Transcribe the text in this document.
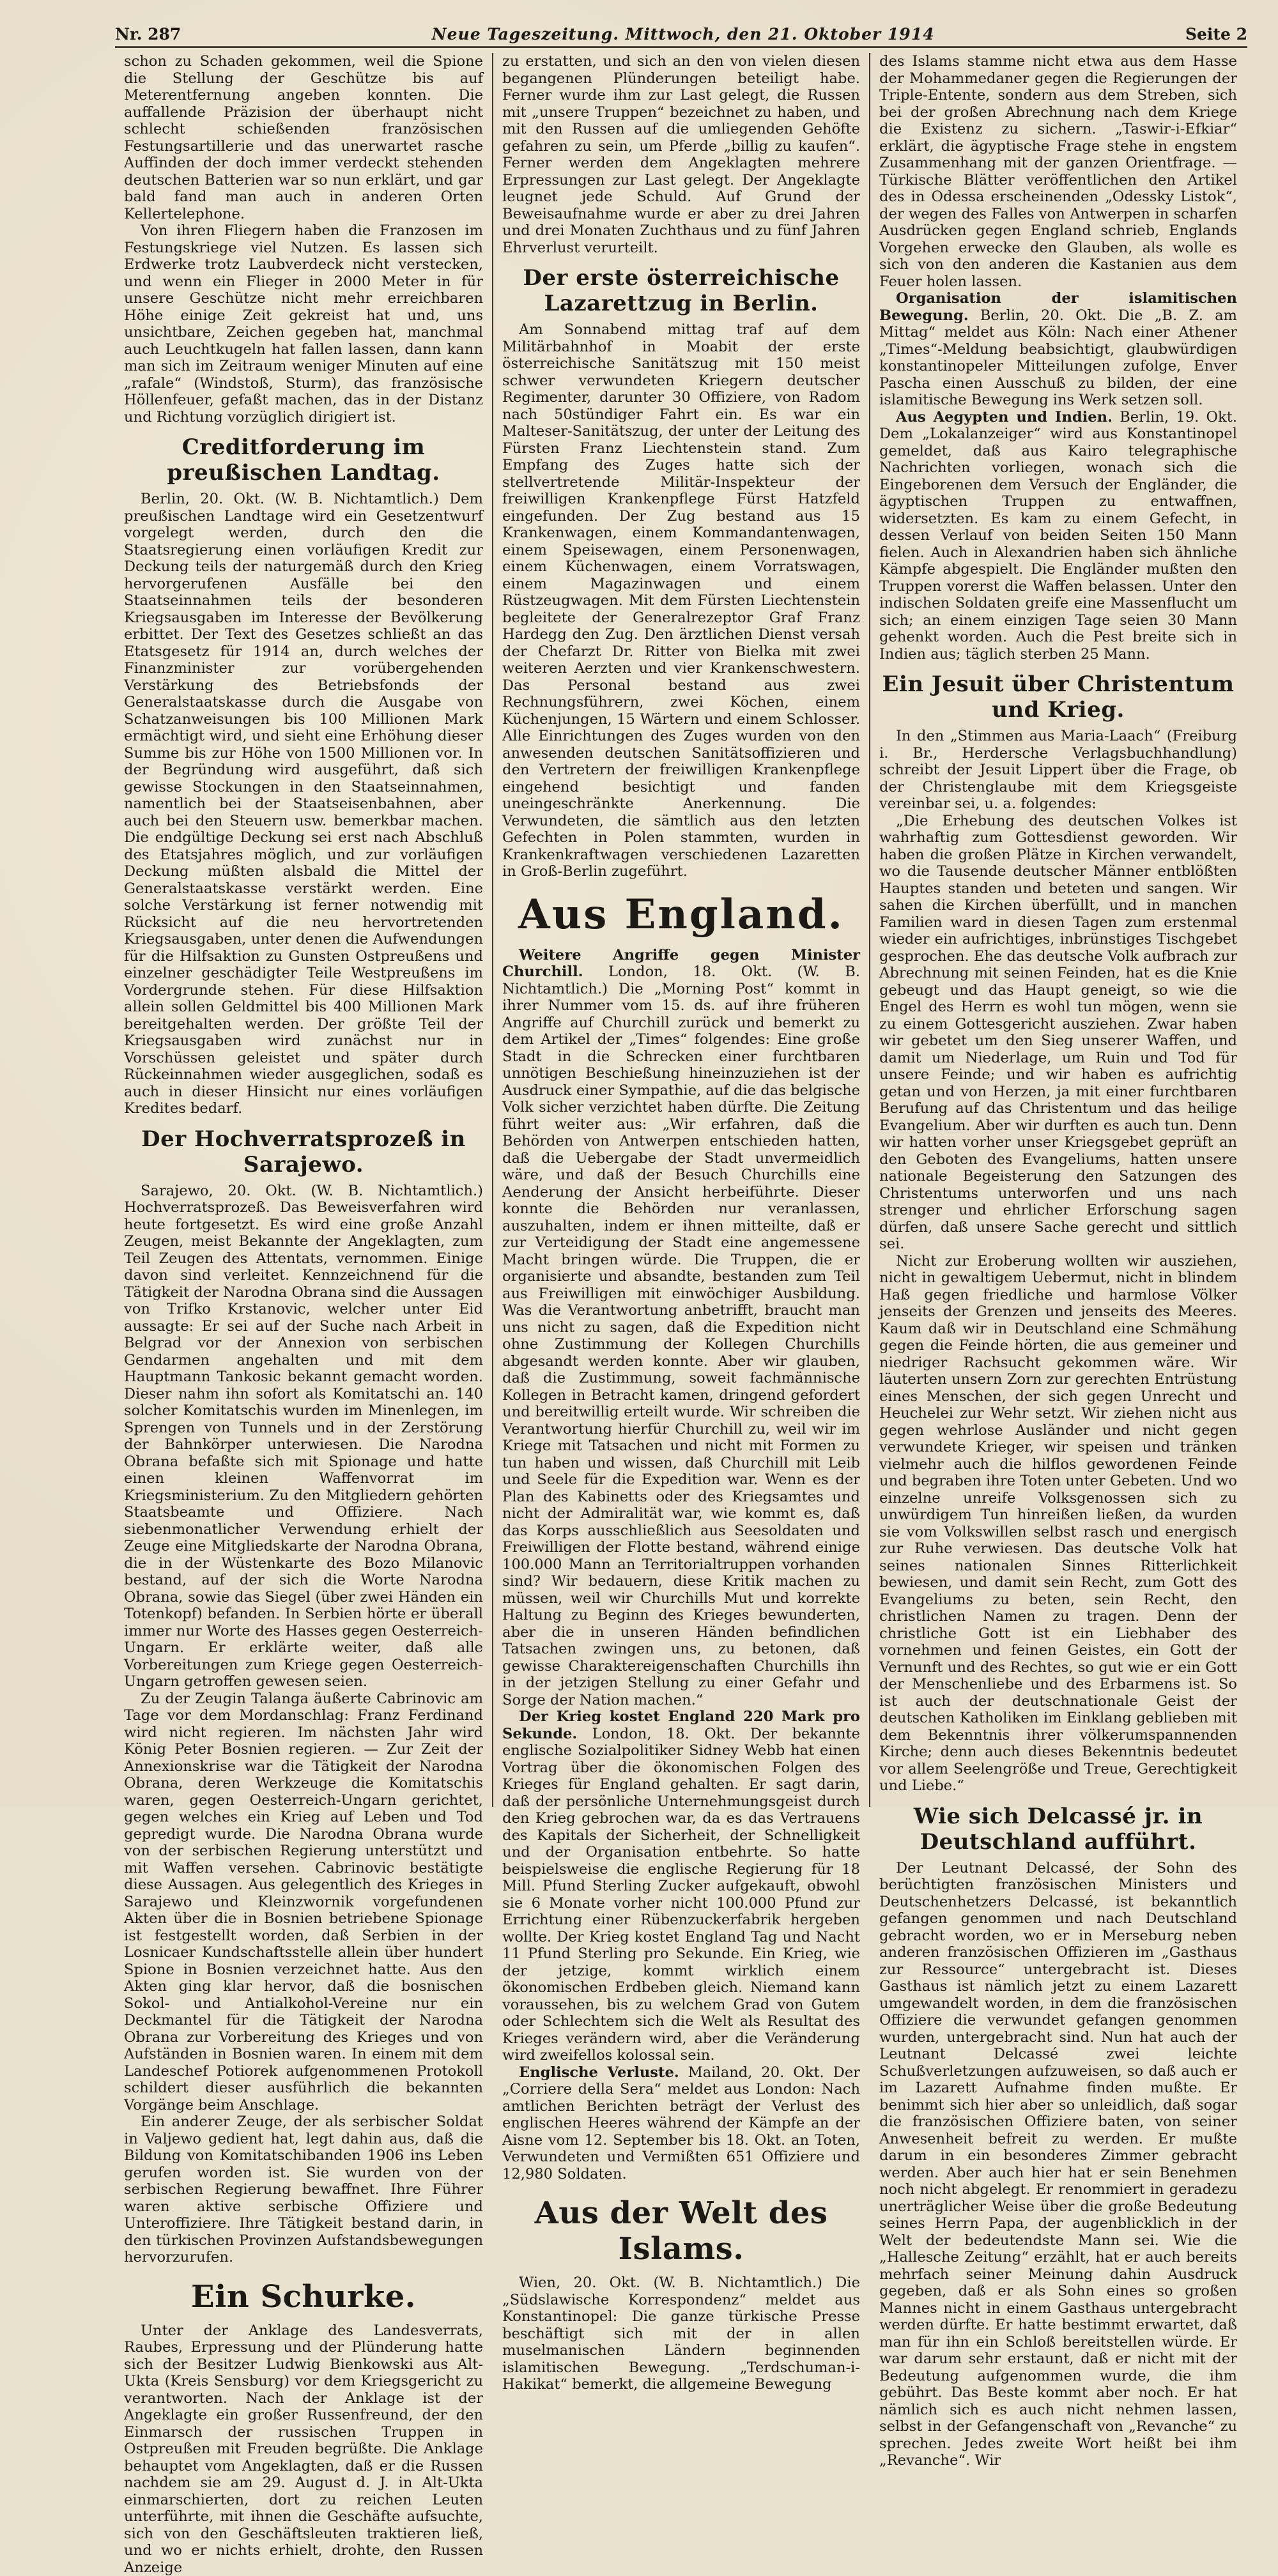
Nr. 287	Neue Tageszeitung. Mittwoch, den 21. Oktober 1914	Seite 2

schon zu Schaden gekommen, weil die Spione die Stellung der Geschütze bis auf Meterentfernung angeben konnten. Die auffallende Präzision der überhaupt nicht schlecht schießenden französischen Festungsartillerie und das unerwartet rasche Auffinden der doch immer verdeckt stehenden deutschen Batterien war so nun erklärt, und gar bald fand man auch in anderen Orten Kellertelephone.

Von ihren Fliegern haben die Franzosen im Festungskriege viel Nutzen. Es lassen sich Erdwerke trotz Laubverdeck nicht verstecken, und wenn ein Flieger in 2000 Meter in für unsere Geschütze nicht mehr erreichbaren Höhe einige Zeit gekreist hat und, uns unsichtbare, Zeichen gegeben hat, manchmal auch Leuchtkugeln hat fallen lassen, dann kann man sich im Zeitraum weniger Minuten auf eine „rafale“ (Windstoß, Sturm), das französische Höllenfeuer, gefaßt machen, das in der Distanz und Richtung vorzüglich dirigiert ist.

Creditforderung im preußischen Landtag.

Berlin, 20. Okt. (W. B. Nichtamtlich.) Dem preußischen Landtage wird ein Gesetzentwurf vorgelegt werden, durch den die Staatsregierung einen vorläufigen Kredit zur Deckung teils der naturgemäß durch den Krieg hervorgerufenen Ausfälle bei den Staatseinnahmen teils der besonderen Kriegsausgaben im Interesse der Bevölkerung erbittet. Der Text des Gesetzes schließt an das Etatsgesetz für 1914 an, durch welches der Finanzminister zur vorübergehenden Verstärkung des Betriebsfonds der Generalstaatskasse durch die Ausgabe von Schatzanweisungen bis 100 Millionen Mark ermächtigt wird, und sieht eine Erhöhung dieser Summe bis zur Höhe von 1500 Millionen vor. In der Begründung wird ausgeführt, daß sich gewisse Stockungen in den Staatseinnahmen, namentlich bei der Staatseisenbahnen, aber auch bei den Steuern usw. bemerkbar machen. Die endgültige Deckung sei erst nach Abschluß des Etatsjahres möglich, und zur vorläufigen Deckung müßten alsbald die Mittel der Generalstaatskasse verstärkt werden. Eine solche Verstärkung ist ferner notwendig mit Rücksicht auf die neu hervortretenden Kriegsausgaben, unter denen die Aufwendungen für die Hilfsaktion zu Gunsten Ostpreußens und einzelner geschädigter Teile Westpreußens im Vordergrunde stehen. Für diese Hilfsaktion allein sollen Geldmittel bis 400 Millionen Mark bereitgehalten werden. Der größte Teil der Kriegsausgaben wird zunächst nur in Vorschüssen geleistet und später durch Rückeinnahmen wieder ausgeglichen, sodaß es auch in dieser Hinsicht nur eines vorläufigen Kredites bedarf.

Der Hochverratsprozeß in Sarajewo.

Sarajewo, 20. Okt. (W. B. Nichtamtlich.) Hochverratsprozeß. Das Beweisverfahren wird heute fortgesetzt. Es wird eine große Anzahl Zeugen, meist Bekannte der Angeklagten, zum Teil Zeugen des Attentats, vernommen. Einige davon sind verleitet. Kennzeichnend für die Tätigkeit der Narodna Obrana sind die Aussagen von Trifko Krstanovic, welcher unter Eid aussagte: Er sei auf der Suche nach Arbeit in Belgrad vor der Annexion von serbischen Gendarmen angehalten und mit dem Hauptmann Tankosic bekannt gemacht worden. Dieser nahm ihn sofort als Komitatschi an. 140 solcher Komitatschis wurden im Minenlegen, im Sprengen von Tunnels und in der Zerstörung der Bahnkörper unterwiesen. Die Narodna Obrana befaßte sich mit Spionage und hatte einen kleinen Waffenvorrat im Kriegsministerium. Zu den Mitgliedern gehörten Staatsbeamte und Offiziere. Nach siebenmonatlicher Verwendung erhielt der Zeuge eine Mitgliedskarte der Narodna Obrana, die in der Wüstenkarte des Bozo Milanovic bestand, auf der sich die Worte Narodna Obrana, sowie das Siegel (über zwei Händen ein Totenkopf) befanden. In Serbien hörte er überall immer nur Worte des Hasses gegen Oesterreich-Ungarn. Er erklärte weiter, daß alle Vorbereitungen zum Kriege gegen Oesterreich-Ungarn getroffen gewesen seien.

Zu der Zeugin Talanga äußerte Cabrinovic am Tage vor dem Mordanschlag: Franz Ferdinand wird nicht regieren. Im nächsten Jahr wird König Peter Bosnien regieren. — Zur Zeit der Annexionskrise war die Tätigkeit der Narodna Obrana, deren Werkzeuge die Komitatschis waren, gegen Oesterreich-Ungarn gerichtet, gegen welches ein Krieg auf Leben und Tod gepredigt wurde. Die Narodna Obrana wurde von der serbischen Regierung unterstützt und mit Waffen versehen. Cabrinovic bestätigte diese Aussagen. Aus gelegentlich des Krieges in Sarajewo und Kleinzwornik vorgefundenen Akten über die in Bosnien betriebene Spionage ist festgestellt worden, daß Serbien in der Losnicaer Kundschaftsstelle allein über hundert Spione in Bosnien verzeichnet hatte. Aus den Akten ging klar hervor, daß die bosnischen Sokol- und Antialkohol-Vereine nur ein Deckmantel für die Tätigkeit der Narodna Obrana zur Vorbereitung des Krieges und von Aufständen in Bosnien waren. In einem mit dem Landeschef Potiorek aufgenommenen Protokoll schildert dieser ausführlich die bekannten Vorgänge beim Anschlage.

Ein anderer Zeuge, der als serbischer Soldat in Valjewo gedient hat, legt dahin aus, daß die Bildung von Komitatschibanden 1906 ins Leben gerufen worden ist. Sie wurden von der serbischen Regierung bewaffnet. Ihre Führer waren aktive serbische Offiziere und Unteroffiziere. Ihre Tätigkeit bestand darin, in den türkischen Provinzen Aufstandsbewegungen hervorzurufen.

Ein Schurke.

Unter der Anklage des Landesverrats, Raubes, Erpressung und der Plünderung hatte sich der Besitzer Ludwig Bienkowski aus Alt-Ukta (Kreis Sensburg) vor dem Kriegsgericht zu verantworten. Nach der Anklage ist der Angeklagte ein großer Russenfreund, der den Einmarsch der russischen Truppen in Ostpreußen mit Freuden begrüßte. Die Anklage behauptet vom Angeklagten, daß er die Russen nachdem sie am 29. August d. J. in Alt-Ukta einmarschierten, dort zu reichen Leuten unterführte, mit ihnen die Geschäfte aufsuchte, sich von den Geschäftsleuten traktieren ließ, und wo er nichts erhielt, drohte, den Russen Anzeige

zu erstatten, und sich an den von vielen diesen begangenen Plünderungen beteiligt habe. Ferner wurde ihm zur Last gelegt, die Russen mit „unsere Truppen“ bezeichnet zu haben, und mit den Russen auf die umliegenden Gehöfte gefahren zu sein, um Pferde „billig zu kaufen“. Ferner werden dem Angeklagten mehrere Erpressungen zur Last gelegt. Der Angeklagte leugnet jede Schuld. Auf Grund der Beweisaufnahme wurde er aber zu drei Jahren und drei Monaten Zuchthaus und zu fünf Jahren Ehrverlust verurteilt.

Der erste österreichische Lazarettzug in Berlin.

Am Sonnabend mittag traf auf dem Militärbahnhof in Moabit der erste österreichische Sanitätszug mit 150 meist schwer verwundeten Kriegern deutscher Regimenter, darunter 30 Offiziere, von Radom nach 50stündiger Fahrt ein. Es war ein Malteser-Sanitätszug, der unter der Leitung des Fürsten Franz Liechtenstein stand. Zum Empfang des Zuges hatte sich der stellvertretende Militär-Inspekteur der freiwilligen Krankenpflege Fürst Hatzfeld eingefunden. Der Zug bestand aus 15 Krankenwagen, einem Kommandantenwagen, einem Speisewagen, einem Personenwagen, einem Küchenwagen, einem Vorratswagen, einem Magazinwagen und einem Rüstzeugwagen. Mit dem Fürsten Liechtenstein begleitete der Generalrezeptor Graf Franz Hardegg den Zug. Den ärztlichen Dienst versah der Chefarzt Dr. Ritter von Bielka mit zwei weiteren Aerzten und vier Krankenschwestern. Das Personal bestand aus zwei Rechnungsführern, zwei Köchen, einem Küchenjungen, 15 Wärtern und einem Schlosser. Alle Einrichtungen des Zuges wurden von den anwesenden deutschen Sanitätsoffizieren und den Vertretern der freiwilligen Krankenpflege eingehend besichtigt und fanden uneingeschränkte Anerkennung. Die Verwundeten, die sämtlich aus den letzten Gefechten in Polen stammten, wurden in Krankenkraftwagen verschiedenen Lazaretten in Groß-Berlin zugeführt.

Aus England.

Weitere Angriffe gegen Minister Churchill. London, 18. Okt. (W. B. Nichtamtlich.) Die „Morning Post“ kommt in ihrer Nummer vom 15. ds. auf ihre früheren Angriffe auf Churchill zurück und bemerkt zu dem Artikel der „Times“ folgendes: Eine große Stadt in die Schrecken einer furchtbaren unnötigen Beschießung hineinzuziehen ist der Ausdruck einer Sympathie, auf die das belgische Volk sicher verzichtet haben dürfte. Die Zeitung führt weiter aus: „Wir erfahren, daß die Behörden von Antwerpen entschieden hatten, daß die Uebergabe der Stadt unvermeidlich wäre, und daß der Besuch Churchills eine Aenderung der Ansicht herbeiführte. Dieser konnte die Behörden nur veranlassen, auszuhalten, indem er ihnen mitteilte, daß er zur Verteidigung der Stadt eine angemessene Macht bringen würde. Die Truppen, die er organisierte und absandte, bestanden zum Teil aus Freiwilligen mit einwöchiger Ausbildung. Was die Verantwortung anbetrifft, braucht man uns nicht zu sagen, daß die Expedition nicht ohne Zustimmung der Kollegen Churchills abgesandt werden konnte. Aber wir glauben, daß die Zustimmung, soweit fachmännische Kollegen in Betracht kamen, dringend gefordert und bereitwillig erteilt wurde. Wir schreiben die Verantwortung hierfür Churchill zu, weil wir im Kriege mit Tatsachen und nicht mit Formen zu tun haben und wissen, daß Churchill mit Leib und Seele für die Expedition war. Wenn es der Plan des Kabinetts oder des Kriegsamtes und nicht der Admiralität war, wie kommt es, daß das Korps ausschließlich aus Seesoldaten und Freiwilligen der Flotte bestand, während einige 100.000 Mann an Territorialtruppen vorhanden sind? Wir bedauern, diese Kritik machen zu müssen, weil wir Churchills Mut und korrekte Haltung zu Beginn des Krieges bewunderten, aber die in unseren Händen befindlichen Tatsachen zwingen uns, zu betonen, daß gewisse Charaktereigenschaften Churchills ihn in der jetzigen Stellung zu einer Gefahr und Sorge der Nation machen.“

Der Krieg kostet England 220 Mark pro Sekunde. London, 18. Okt. Der bekannte englische Sozialpolitiker Sidney Webb hat einen Vortrag über die ökonomischen Folgen des Krieges für England gehalten. Er sagt darin, daß der persönliche Unternehmungsgeist durch den Krieg gebrochen war, da es das Vertrauens des Kapitals der Sicherheit, der Schnelligkeit und der Organisation entbehrte. So hatte beispielsweise die englische Regierung für 18 Mill. Pfund Sterling Zucker aufgekauft, obwohl sie 6 Monate vorher nicht 100.000 Pfund zur Errichtung einer Rübenzuckerfabrik hergeben wollte. Der Krieg kostet England Tag und Nacht 11 Pfund Sterling pro Sekunde. Ein Krieg, wie der jetzige, kommt wirklich einem ökonomischen Erdbeben gleich. Niemand kann voraussehen, bis zu welchem Grad von Gutem oder Schlechtem sich die Welt als Resultat des Krieges verändern wird, aber die Veränderung wird zweifellos kolossal sein.

Englische Verluste. Mailand, 20. Okt. Der „Corriere della Sera“ meldet aus London: Nach amtlichen Berichten beträgt der Verlust des englischen Heeres während der Kämpfe an der Aisne vom 12. September bis 18. Okt. an Toten, Verwundeten und Vermißten 651 Offiziere und 12,980 Soldaten.

Aus der Welt des Islams.

Wien, 20. Okt. (W. B. Nichtamtlich.) Die „Südslawische Korrespondenz“ meldet aus Konstantinopel: Die ganze türkische Presse beschäftigt sich mit der in allen muselmanischen Ländern beginnenden islamitischen Bewegung. „Terdschuman-i-Hakikat“ bemerkt, die allgemeine Bewegung

des Islams stamme nicht etwa aus dem Hasse der Mohammedaner gegen die Regierungen der Triple-Entente, sondern aus dem Streben, sich bei der großen Abrechnung nach dem Kriege die Existenz zu sichern. „Taswir-i-Efkiar“ erklärt, die ägyptische Frage stehe in engstem Zusammenhang mit der ganzen Orientfrage. — Türkische Blätter veröffentlichen den Artikel des in Odessa erscheinenden „Odessky Listok“, der wegen des Falles von Antwerpen in scharfen Ausdrücken gegen England schrieb, Englands Vorgehen erwecke den Glauben, als wolle es sich von den anderen die Kastanien aus dem Feuer holen lassen.

Organisation der islamitischen Bewegung. Berlin, 20. Okt. Die „B. Z. am Mittag“ meldet aus Köln: Nach einer Athener „Times“-Meldung beabsichtigt, glaubwürdigen konstantinopeler Mitteilungen zufolge, Enver Pascha einen Ausschuß zu bilden, der eine islamitische Bewegung ins Werk setzen soll.

Aus Aegypten und Indien. Berlin, 19. Okt. Dem „Lokalanzeiger“ wird aus Konstantinopel gemeldet, daß aus Kairo telegraphische Nachrichten vorliegen, wonach sich die Eingeborenen dem Versuch der Engländer, die ägyptischen Truppen zu entwaffnen, widersetzten. Es kam zu einem Gefecht, in dessen Verlauf von beiden Seiten 150 Mann fielen. Auch in Alexandrien haben sich ähnliche Kämpfe abgespielt. Die Engländer mußten den Truppen vorerst die Waffen belassen. Unter den indischen Soldaten greife eine Massenflucht um sich; an einem einzigen Tage seien 30 Mann gehenkt worden. Auch die Pest breite sich in Indien aus; täglich sterben 25 Mann.

Ein Jesuit über Christentum und Krieg.

In den „Stimmen aus Maria-Laach“ (Freiburg i. Br., Herdersche Verlagsbuchhandlung) schreibt der Jesuit Lippert über die Frage, ob der Christenglaube mit dem Kriegsgeiste vereinbar sei, u. a. folgendes:

„Die Erhebung des deutschen Volkes ist wahrhaftig zum Gottesdienst geworden. Wir haben die großen Plätze in Kirchen verwandelt, wo die Tausende deutscher Männer entblößten Hauptes standen und beteten und sangen. Wir sahen die Kirchen überfüllt, und in manchen Familien ward in diesen Tagen zum erstenmal wieder ein aufrichtiges, inbrünstiges Tischgebet gesprochen. Ehe das deutsche Volk aufbrach zur Abrechnung mit seinen Feinden, hat es die Knie gebeugt und das Haupt geneigt, so wie die Engel des Herrn es wohl tun mögen, wenn sie zu einem Gottesgericht ausziehen. Zwar haben wir gebetet um den Sieg unserer Waffen, und damit um Niederlage, um Ruin und Tod für unsere Feinde; und wir haben es aufrichtig getan und von Herzen, ja mit einer furchtbaren Berufung auf das Christentum und das heilige Evangelium. Aber wir durften es auch tun. Denn wir hatten vorher unser Kriegsgebet geprüft an den Geboten des Evangeliums, hatten unsere nationale Begeisterung den Satzungen des Christentums unterworfen und uns nach strenger und ehrlicher Erforschung sagen dürfen, daß unsere Sache gerecht und sittlich sei.

Nicht zur Eroberung wollten wir ausziehen, nicht in gewaltigem Uebermut, nicht in blindem Haß gegen friedliche und harmlose Völker jenseits der Grenzen und jenseits des Meeres. Kaum daß wir in Deutschland eine Schmähung gegen die Feinde hörten, die aus gemeiner und niedriger Rachsucht gekommen wäre. Wir läuterten unsern Zorn zur gerechten Entrüstung eines Menschen, der sich gegen Unrecht und Heuchelei zur Wehr setzt. Wir ziehen nicht aus gegen wehrlose Ausländer und nicht gegen verwundete Krieger, wir speisen und tränken vielmehr auch die hilflos gewordenen Feinde und begraben ihre Toten unter Gebeten. Und wo einzelne unreife Volksgenossen sich zu unwürdigem Tun hinreißen ließen, da wurden sie vom Volkswillen selbst rasch und energisch zur Ruhe verwiesen. Das deutsche Volk hat seines nationalen Sinnes Ritterlichkeit bewiesen, und damit sein Recht, zum Gott des Evangeliums zu beten, sein Recht, den christlichen Namen zu tragen. Denn der christliche Gott ist ein Liebhaber des vornehmen und feinen Geistes, ein Gott der Vernunft und des Rechtes, so gut wie er ein Gott der Menschenliebe und des Erbarmens ist. So ist auch der deutschnationale Geist der deutschen Katholiken im Einklang geblieben mit dem Bekenntnis ihrer völkerumspannenden Kirche; denn auch dieses Bekenntnis bedeutet vor allem Seelengröße und Treue, Gerechtigkeit und Liebe.“

Wie sich Delcassé jr. in Deutschland aufführt.

Der Leutnant Delcassé, der Sohn des berüchtigten französischen Ministers und Deutschenhetzers Delcassé, ist bekanntlich gefangen genommen und nach Deutschland gebracht worden, wo er in Merseburg neben anderen französischen Offizieren im „Gasthaus zur Ressource“ untergebracht ist. Dieses Gasthaus ist nämlich jetzt zu einem Lazarett umgewandelt worden, in dem die französischen Offiziere die verwundet gefangen genommen wurden, untergebracht sind. Nun hat auch der Leutnant Delcassé zwei leichte Schußverletzungen aufzuweisen, so daß auch er im Lazarett Aufnahme finden mußte. Er benimmt sich hier aber so unleidlich, daß sogar die französischen Offiziere baten, von seiner Anwesenheit befreit zu werden. Er mußte darum in ein besonderes Zimmer gebracht werden. Aber auch hier hat er sein Benehmen noch nicht abgelegt. Er renommiert in geradezu unerträglicher Weise über die große Bedeutung seines Herrn Papa, der augenblicklich in der Welt der bedeutendste Mann sei. Wie die „Hallesche Zeitung“ erzählt, hat er auch bereits mehrfach seiner Meinung dahin Ausdruck gegeben, daß er als Sohn eines so großen Mannes nicht in einem Gasthaus untergebracht werden dürfte. Er hatte bestimmt erwartet, daß man für ihn ein Schloß bereitstellen würde. Er war darum sehr erstaunt, daß er nicht mit der Bedeutung aufgenommen wurde, die ihm gebührt. Das Beste kommt aber noch. Er hat nämlich sich es auch nicht nehmen lassen, selbst in der Gefangenschaft von „Revanche“ zu sprechen. Jedes zweite Wort heißt bei ihm „Revanche“. Wir
